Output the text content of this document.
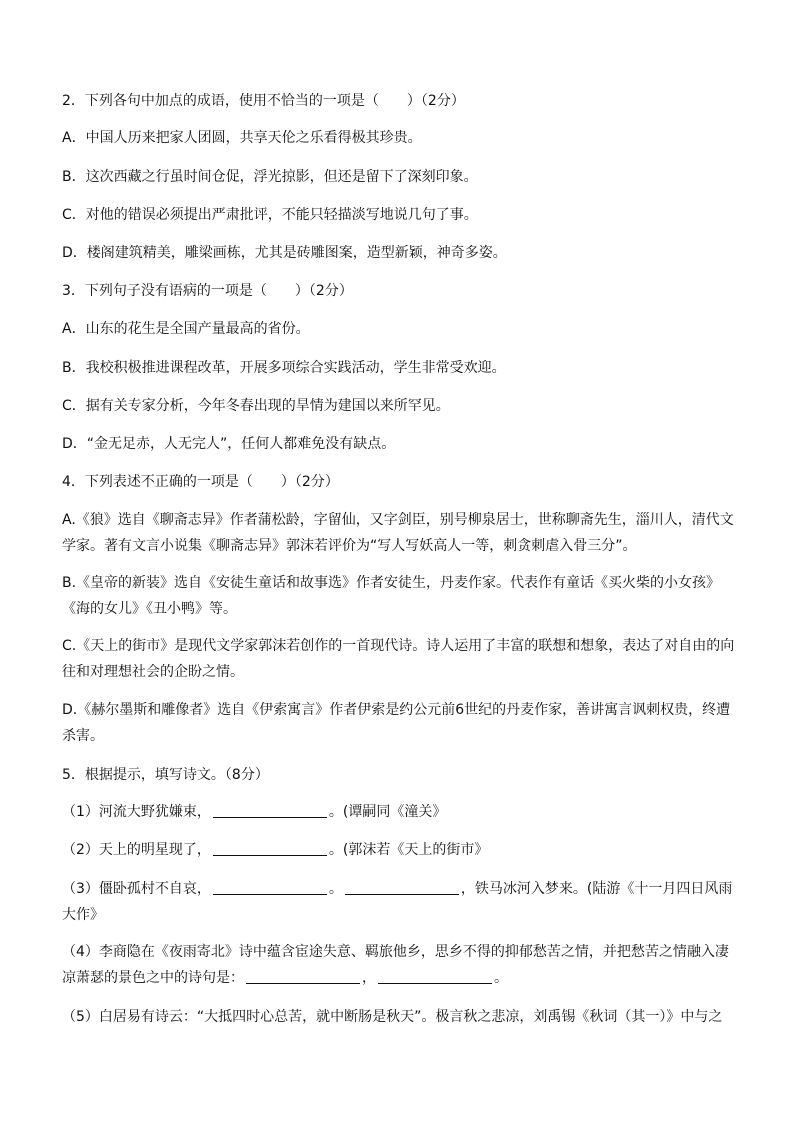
2．下列各句中加点的成语，使用不恰当的一项是（　　）（2分）
A．中国人历来把家人团圆，共享天伦之乐看得极其珍贵。
B．这次西藏之行虽时间仓促，浮光掠影，但还是留下了深刻印象。
C．对他的错误必须提出严肃批评，不能只轻描淡写地说几句了事。
D．楼阁建筑精美，雕梁画栋，尤其是砖雕图案，造型新颖，神奇多姿。
3．下列句子没有语病的一项是（　　）（2分）
A．山东的花生是全国产量最高的省份。
B．我校积极推进课程改革，开展多项综合实践活动，学生非常受欢迎。
C．据有关专家分析，今年冬春出现的旱情为建国以来所罕见。
D．“金无足赤，人无完人”，任何人都难免没有缺点。
4．下列表述不正确的一项是（　　）（2分）
A.《狼》选自《聊斋志异》作者蒲松龄，字留仙，又字剑臣，别号柳泉居士，世称聊斋先生，淄川人，清代文学家。著有文言小说集《聊斋志异》郭沫若评价为“写人写妖高人一等，刺贪刺虐入骨三分”。
B.《皇帝的新装》选自《安徒生童话和故事选》作者安徒生，丹麦作家。代表作有童话《买火柴的小女孩》《海的女儿》《丑小鸭》等。
C.《天上的街市》是现代文学家郭沫若创作的一首现代诗。诗人运用了丰富的联想和想象，表达了对自由的向往和对理想社会的企盼之情。
D.《赫尔墨斯和雕像者》选自《伊索寓言》作者伊索是约公元前6世纪的丹麦作家，善讲寓言讽刺权贵，终遭杀害。
5．根据提示，填写诗文。（8分）
（1）河流大野犹嫌束，	。(谭嗣同《潼关》
（2）天上的明星现了，	。(郭沫若《天上的街市》
（3）僵卧孤村不自哀，	。	，铁马冰河入梦来。(陆游《十一月四日风雨大作》
（4）李商隐在《夜雨寄北》诗中蕴含宦途失意、羁旅他乡，思乡不得的抑郁愁苦之情，并把愁苦之情融入凄凉萧瑟的景色之中的诗句是：	，	。
（5）白居易有诗云：“大抵四时心总苦，就中断肠是秋天”。极言秋之悲凉，刘禹锡《秋词（其一）》中与之
